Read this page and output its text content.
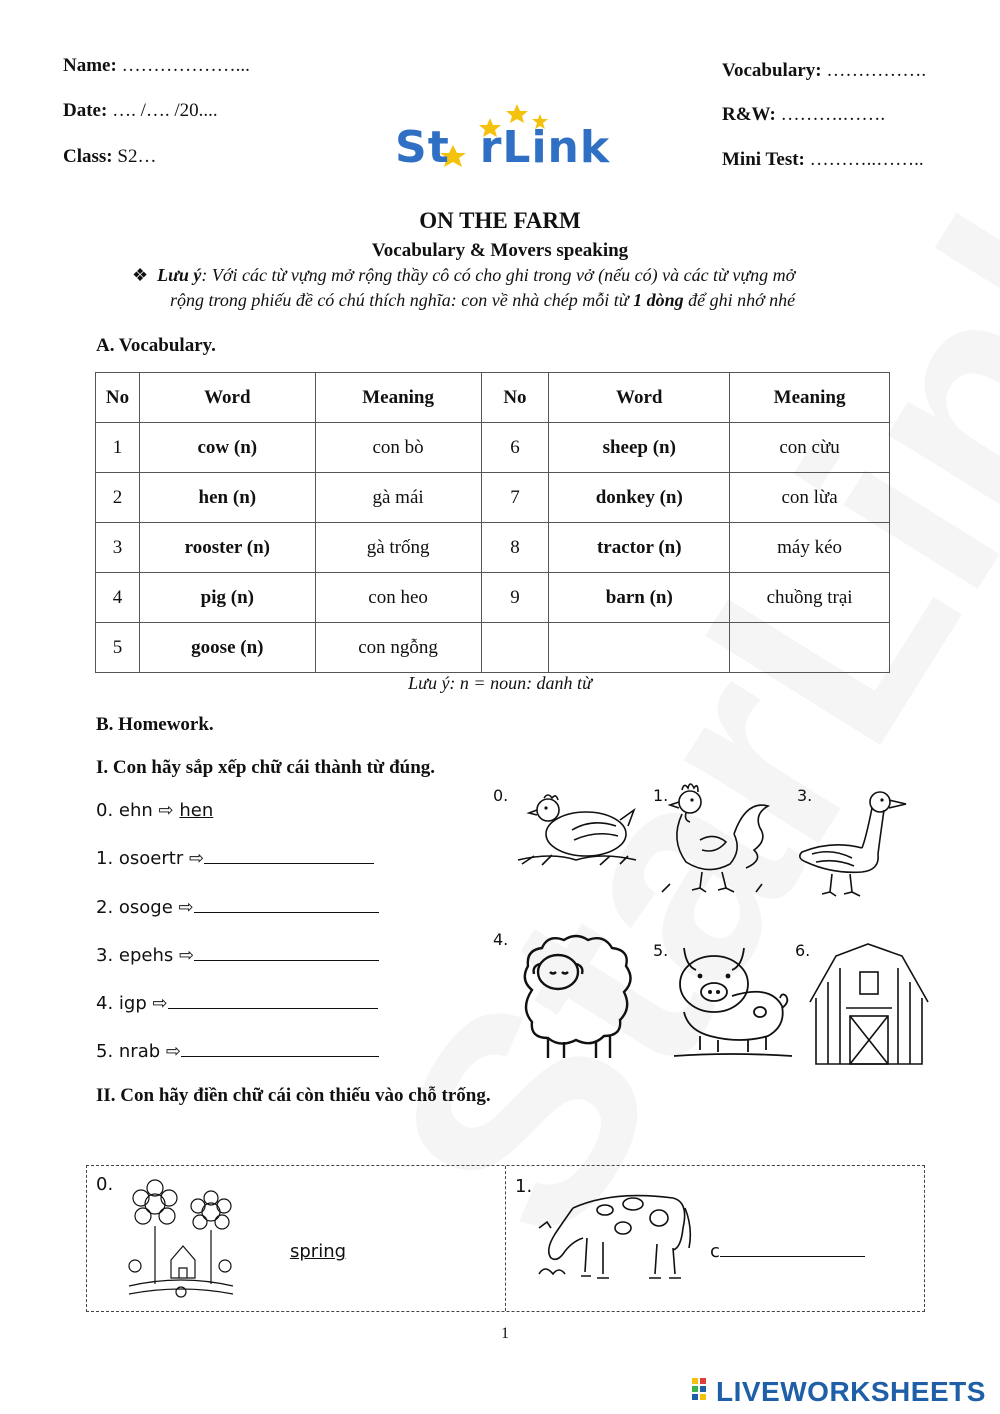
Name: ………………...
Date: …. /…. /20....
Class: S2…
Vocabulary: …………….
R&W: ……….…….
Mini Test: ………..……..
St rLink
ON THE FARM
Vocabulary & Movers speaking
❖ Lưu ý: Với các từ vựng mở rộng thầy cô có cho ghi trong vở (nếu có) và các từ vựng mở
rộng trong phiếu đề có chú thích nghĩa: con về nhà chép mỗi từ 1 dòng để ghi nhớ nhé
A. Vocabulary.
No	Word	Meaning	No	Word	Meaning
1	cow (n)	con bò	6	sheep (n)	con cừu
2	hen (n)	gà mái	7	donkey (n)	con lừa
3	rooster (n)	gà trống	8	tractor (n)	máy kéo
4	pig (n)	con heo	9	barn (n)	chuồng trại
5	goose (n)	con ngỗng			
Lưu ý: n = noun: danh từ
B. Homework.
I. Con hãy sắp xếp chữ cái thành từ đúng.
0. ehn ⇨ hen
1. osoertr ⇨
2. osoge ⇨
3. epehs ⇨
4. igp ⇨
5. nrab ⇨
0.	1.	3.
4.
5.	6.
II. Con hãy điền chữ cái còn thiếu vào chỗ trống.
0.
spring
1.
c
1
LIVEWORKSHEETS
